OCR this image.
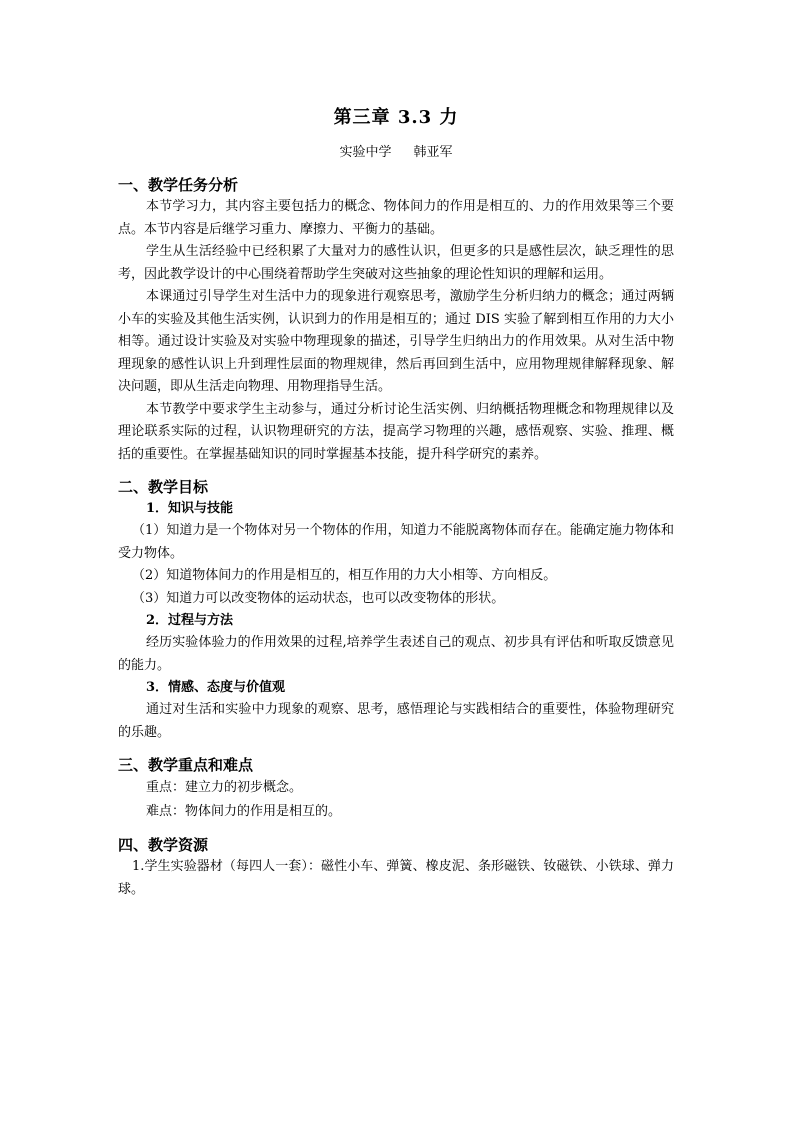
第三章 3.3 力
实验中学 韩亚军
一、教学任务分析

本节学习力，其内容主要包括力的概念、物体间力的作用是相互的、力的作用效果等三个要点。本节内容是后继学习重力、摩擦力、平衡力的基础。

学生从生活经验中已经积累了大量对力的感性认识，但更多的只是感性层次，缺乏理性的思考，因此教学设计的中心围绕着帮助学生突破对这些抽象的理论性知识的理解和运用。

本课通过引导学生对生活中力的现象进行观察思考，激励学生分析归纳力的概念；通过两辆小车的实验及其他生活实例，认识到力的作用是相互的；通过 DIS 实验了解到相互作用的力大小相等。通过设计实验及对实验中物理现象的描述，引导学生归纳出力的作用效果。从对生活中物理现象的感性认识上升到理性层面的物理规律，然后再回到生活中，应用物理规律解释现象、解决问题，即从生活走向物理、用物理指导生活。

本节教学中要求学生主动参与，通过分析讨论生活实例、归纳概括物理概念和物理规律以及理论联系实际的过程，认识物理研究的方法，提高学习物理的兴趣，感悟观察、实验、推理、概括的重要性。在掌握基础知识的同时掌握基本技能，提升科学研究的素养。

二、教学目标
1．知识与技能

（1）知道力是一个物体对另一个物体的作用，知道力不能脱离物体而存在。能确定施力物体和受力物体。

（2）知道物体间力的作用是相互的，相互作用的力大小相等、方向相反。

（3）知道力可以改变物体的运动状态，也可以改变物体的形状。

2．过程与方法

经历实验体验力的作用效果的过程,培养学生表述自己的观点、初步具有评估和听取反馈意见的能力。

3．情感、态度与价值观

通过对生活和实验中力现象的观察、思考，感悟理论与实践相结合的重要性，体验物理研究的乐趣。

三、教学重点和难点

重点：建立力的初步概念。

难点：物体间力的作用是相互的。

四、教学资源

1.学生实验器材（每四人一套）：磁性小车、弹簧、橡皮泥、条形磁铁、钕磁铁、小铁球、弹力球。
